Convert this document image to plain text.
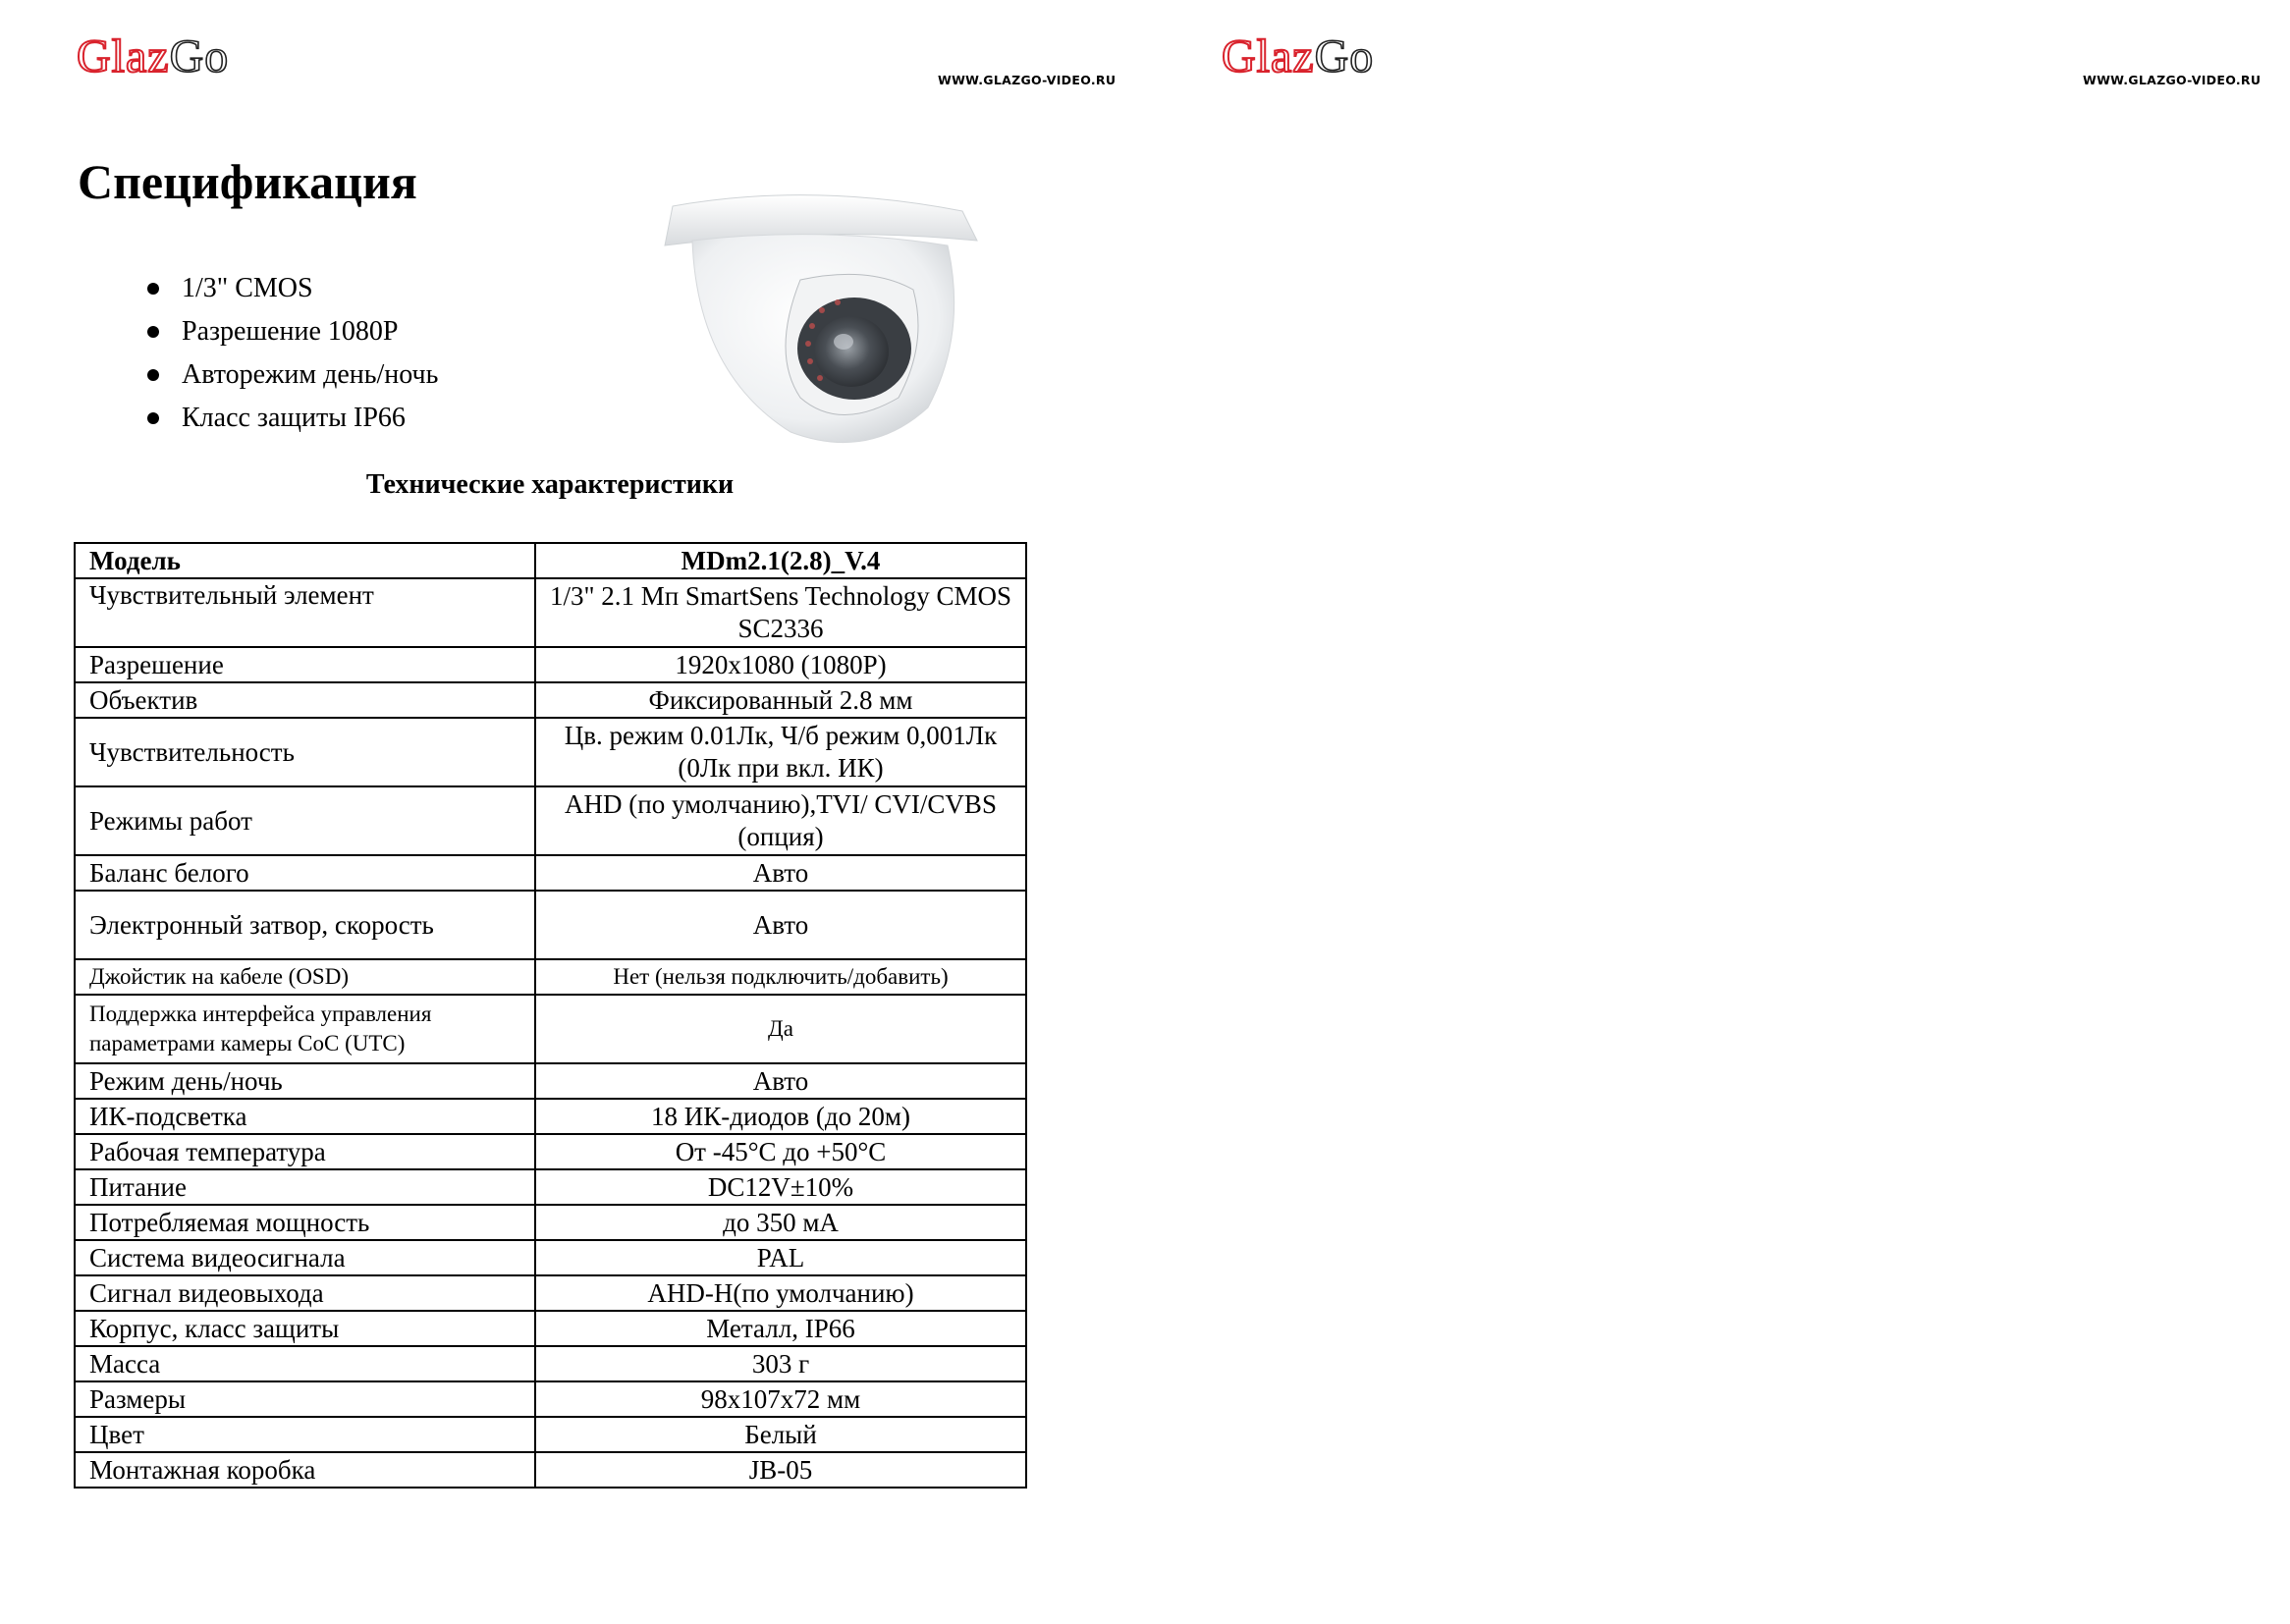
GlazGo	WWW.GLAZGO-VIDEO.RU
Спецификация
1/3" CMOS
Разрешение 1080P
Авторежим день/ночь
Класс защиты IP66
Технические характеристики
Модель	MDm2.1(2.8)_V.4
Чувствительный элемент	1/3" 2.1 Мп SmartSens Technology CMOS SC2336
Разрешение	1920x1080 (1080P)
Объектив	Фиксированный 2.8 мм
Чувствительность	Цв. режим 0.01Лк, Ч/б режим 0,001Лк (0Лк при вкл. ИК)
Режимы работ	AHD (по умолчанию),TVI/ CVI/CVBS (опция)
Баланс белого	Авто
Электронный затвор, скорость	Авто
Джойстик на кабеле (OSD)	Нет (нельзя подключить/добавить)
Поддержка интерфейса управления параметрами камеры CoC (UTC)	Да
Режим день/ночь	Авто
ИК-подсветка	18 ИК-диодов (до 20м)
Рабочая температура	От -45°C до +50°C
Питание	DC12V±10%
Потребляемая мощность	до 350 мА
Система видеосигнала	PAL
Сигнал видеовыхода	AHD-H(по умолчанию)
Корпус, класс защиты	Металл, IP66
Масса	303 г
Размеры	98x107x72 мм
Цвет	Белый
Монтажная коробка	JB-05
GlazGo	WWW.GLAZGO-VIDEO.RU
